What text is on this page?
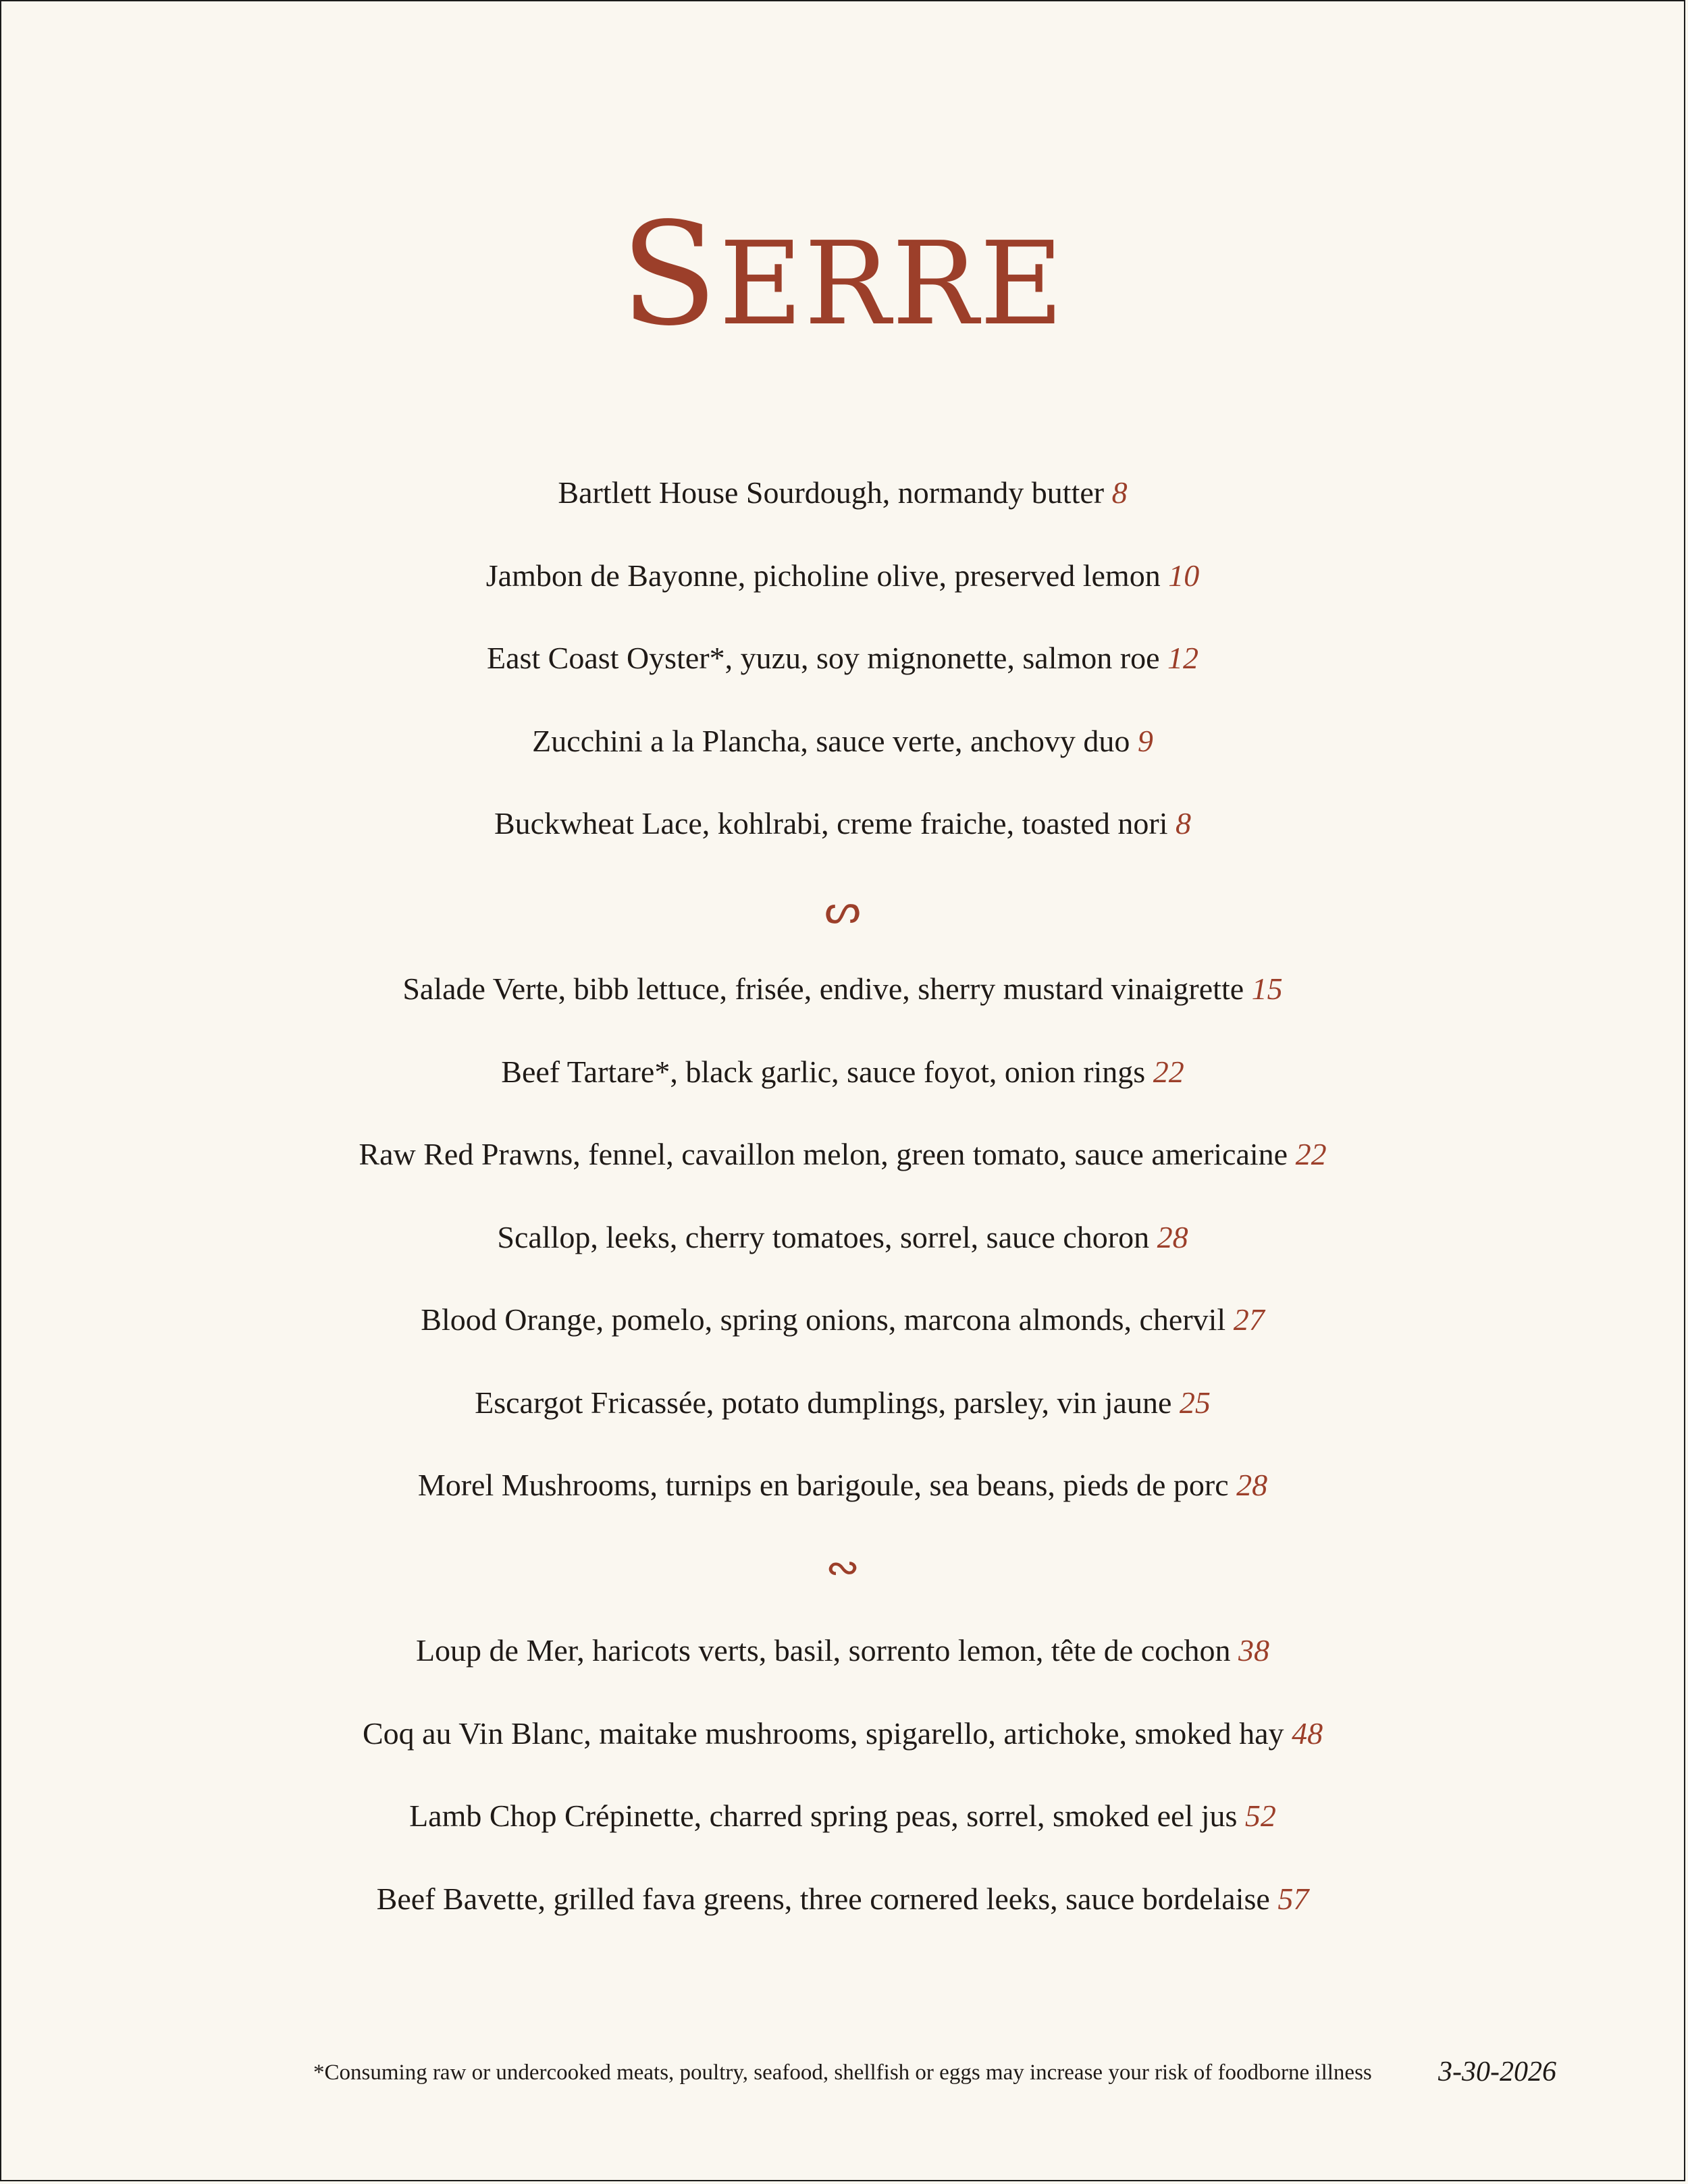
SERRE
Bartlett House Sourdough, normandy butter 8
Jambon de Bayonne, picholine olive, preserved lemon 10
East Coast Oyster*, yuzu, soy mignonette, salmon roe 12
Zucchini a la Plancha, sauce verte, anchovy duo 9
Buckwheat Lace, kohlrabi, creme fraiche, toasted nori 8
ᔕ
Salade Verte, bibb lettuce, frisée, endive, sherry mustard vinaigrette 15
Beef Tartare*, black garlic, sauce foyot, onion rings 22
Raw Red Prawns, fennel, cavaillon melon, green tomato, sauce americaine 22
Scallop, leeks, cherry tomatoes, sorrel, sauce choron 28
Blood Orange, pomelo, spring onions, marcona almonds, chervil 27
Escargot Fricassée, potato dumplings, parsley, vin jaune 25
Morel Mushrooms, turnips en barigoule, sea beans, pieds de porc 28
∾
Loup de Mer, haricots verts, basil, sorrento lemon, tête de cochon 38
Coq au Vin Blanc, maitake mushrooms, spigarello, artichoke, smoked hay 48
Lamb Chop Crépinette, charred spring peas, sorrel, smoked eel jus 52
Beef Bavette, grilled fava greens, three cornered leeks, sauce bordelaise 57
*Consuming raw or undercooked meats, poultry, seafood, shellfish or eggs may increase your risk of foodborne illness 3-30-2026
